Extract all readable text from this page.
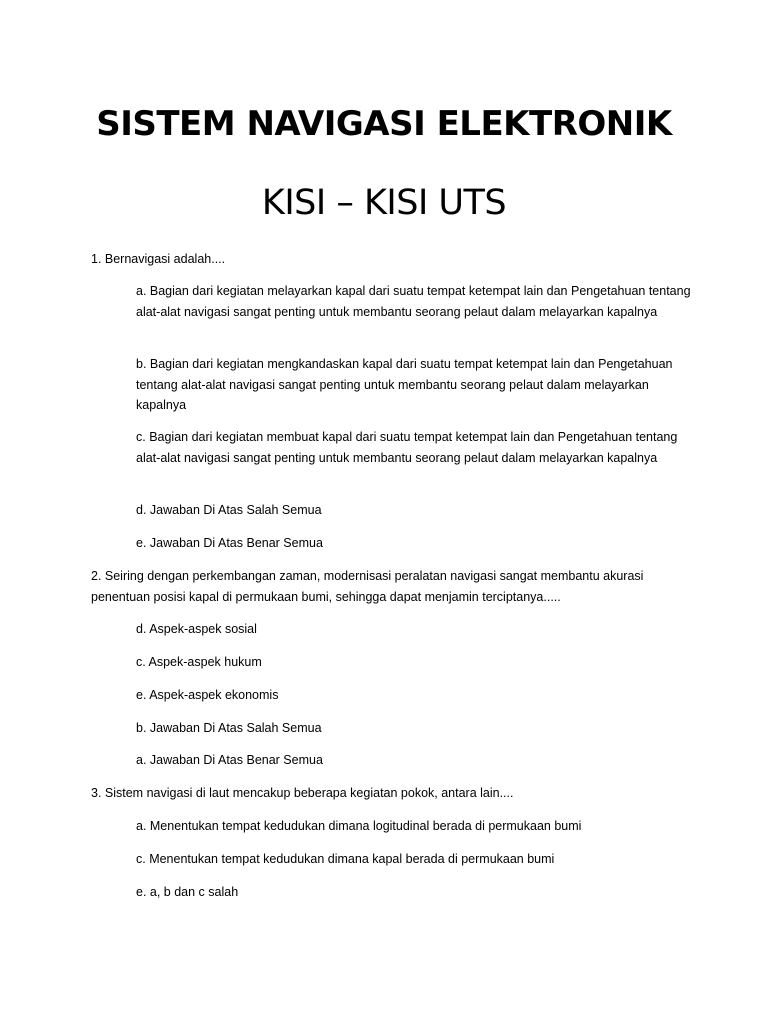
SISTEM NAVIGASI ELEKTRONIK
KISI – KISI UTS

1. Bernavigasi adalah....

a. Bagian dari kegiatan melayarkan kapal dari suatu tempat ketempat lain dan Pengetahuan tentang alat-alat navigasi sangat penting untuk membantu seorang pelaut dalam melayarkan kapalnya

b. Bagian dari kegiatan mengkandaskan kapal dari suatu tempat ketempat lain dan Pengetahuan tentang alat-alat navigasi sangat penting untuk membantu seorang pelaut dalam melayarkan kapalnya

c. Bagian dari kegiatan membuat kapal dari suatu tempat ketempat lain dan Pengetahuan tentang alat-alat navigasi sangat penting untuk membantu seorang pelaut dalam melayarkan kapalnya

d. Jawaban Di Atas Salah Semua

e. Jawaban Di Atas Benar Semua

2. Seiring dengan perkembangan zaman, modernisasi peralatan navigasi sangat membantu akurasi penentuan posisi kapal di permukaan bumi, sehingga dapat menjamin terciptanya.....

d. Aspek-aspek sosial

c. Aspek-aspek hukum

e. Aspek-aspek ekonomis

b. Jawaban Di Atas Salah Semua

a. Jawaban Di Atas Benar Semua

3. Sistem navigasi di laut mencakup beberapa kegiatan pokok, antara lain....

a. Menentukan tempat kedudukan dimana logitudinal berada di permukaan bumi

c. Menentukan tempat kedudukan dimana kapal berada di permukaan bumi

e. a, b dan c salah
